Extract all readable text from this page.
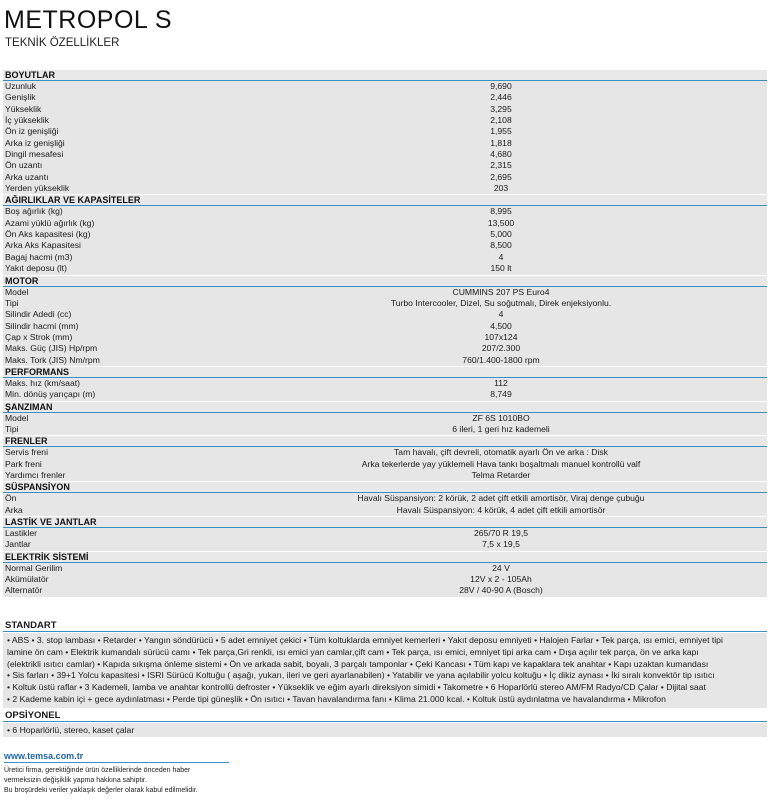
METROPOL S
TEKNİK ÖZELLİKLER
BOYUTLAR
Uzunluk	9,690
Genişlik	2,446
Yükseklik	3,295
İç yükseklik	2,108
Ön iz genişliği	1,955
Arka iz genişliği	1,818
Dingil mesafesi	4,680
Ön uzantı	2,315
Arka uzantı	2,695
Yerden yükseklik	203
AĞIRLIKLAR VE KAPASİTELER
Boş ağırlık (kg)	8,995
Azami yüklü ağırlık (kg)	13,500
Ön Aks kapasitesi (kg)	5,000
Arka Aks Kapasitesi	8,500
Bagaj hacmi (m3)	4
Yakıt deposu (lt)	150 lt
MOTOR
Model	CUMMINS 207 PS Euro4
Tipi	Turbo Intercooler, Dizel, Su soğutmalı, Direk enjeksiyonlu.
Silindir Adedi (cc)	4
Silindir hacmi (mm)	4,500
Çap x Strok (mm)	107x124
Maks. Güç (JIS) Hp/rpm	207/2.300
Maks. Tork (JIS) Nm/rpm	760/1.400-1800 rpm
PERFORMANS
Maks. hız (km/saat)	112
Min. dönüş yarıçapı (m)	8,749
ŞANZIMAN
Model	ZF 6S 1010BO
Tipi	6 ileri, 1 geri hız kademeli
FRENLER
Servis freni	Tam havalı, çift devreli, otomatik ayarlı Ön ve arka : Disk
Park freni	Arka tekerlerde yay yüklemeli Hava tankı boşaltmalı manuel kontrollü valf
Yardımcı frenler	Telma Retarder
SÜSPANSİYON
Ön	Havalı Süspansiyon: 2 körük, 2 adet çift etkili amortisör, Viraj denge çubuğu
Arka	Havalı Süspansiyon: 4 körük, 4 adet çift etkili amortisör
LASTİK VE JANTLAR
Lastikler	265/70 R 19,5
Jantlar	7,5 x 19,5
ELEKTRİK SİSTEMİ
Normal Gerilim	24 V
Akümülatör	12V x 2 - 105Ah
Alternatör	28V / 40-90 A (Bosch)
STANDART
• ABS • 3. stop lambası • Retarder • Yangın söndürücü • 5 adet emniyet çekici • Tüm koltuklarda emniyet kemerleri • Yakıt deposu emniyeti • Halojen Farlar • Tek parça, ısı emici, emniyet tipi
lamine ön cam • Elektrik kumandalı sürücü camı • Tek parça,Gri renkli, ısı emici yan camlar,çift cam • Tek parça, ısı emici, emniyet tipi arka cam • Dışa açılır tek parça, ön ve arka kapı
(elektrikli ısıtıcı camlar) • Kapıda sıkışma önleme sistemi • Ön ve arkada sabit, boyalı, 3 parçalı tamponlar • Çeki Kancası • Tüm kapı ve kapaklara tek anahtar • Kapı uzaktan kumandası
• Sis farları • 39+1 Yolcu kapasitesi • ISRI Sürücü Koltuğu ( aşağı, yukarı, ileri ve geri ayarlanabilen) • Yatabilir ve yana açılabilir yolcu koltuğu • İç dikiz aynası • İki sıralı konvektör tip ısıtıcı
• Koltuk üstü raflar • 3 Kademeli, lamba ve anahtar kontrollü defroster • Yükseklik ve eğim ayarlı direksiyon simidi • Takometre • 6 Hoparlörlü stereo AM/FM Radyo/CD Çalar • Dijital saat
• 2 Kademe kabin içi + gece aydınlatması • Perde tipi güneşlik • Ön ısıtıcı • Tavan havalandırma fanı • Klima 21.000 kcal. • Koltuk üstü aydınlatma ve havalandırma • Mikrofon
OPSİYONEL
• 6 Hoparlörlü, stereo, kaset çalar
www.temsa.com.tr
Üretici firma, gerektiğinde ürün özelliklerinde önceden haber
vermeksizin değişiklik yapma hakkına sahiptir.
Bu broşürdeki veriler yaklaşık değerler olarak kabul edilmelidir.
